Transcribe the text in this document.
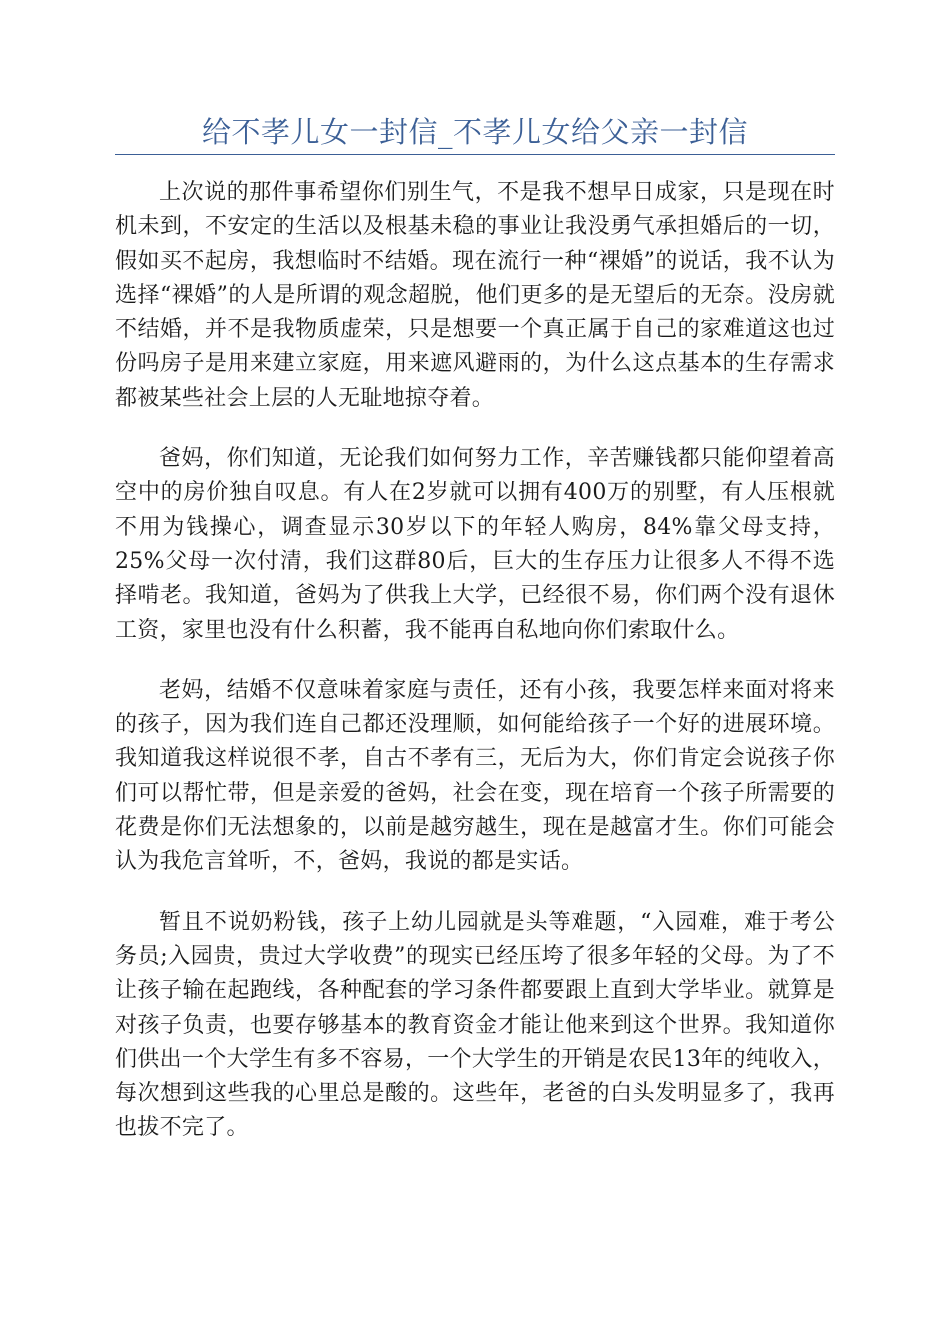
给不孝儿女一封信_不孝儿女给父亲一封信

上次说的那件事希望你们别生气，不是我不想早日成家，只是现在时机未到，不安定的生活以及根基未稳的事业让我没勇气承担婚后的一切，假如买不起房，我想临时不结婚。现在流行一种“裸婚”的说话，我不认为选择“裸婚”的人是所谓的观念超脱，他们更多的是无望后的无奈。没房就不结婚，并不是我物质虚荣，只是想要一个真正属于自己的家难道这也过份吗房子是用来建立家庭，用来遮风避雨的，为什么这点基本的生存需求都被某些社会上层的人无耻地掠夺着。

爸妈，你们知道，无论我们如何努力工作，辛苦赚钱都只能仰望着高空中的房价独自叹息。有人在2岁就可以拥有400万的别墅，有人压根就不用为钱操心，调查显示30岁以下的年轻人购房，84%靠父母支持，25%父母一次付清，我们这群80后，巨大的生存压力让很多人不得不选择啃老。我知道，爸妈为了供我上大学，已经很不易，你们两个没有退休工资，家里也没有什么积蓄，我不能再自私地向你们索取什么。

老妈，结婚不仅意味着家庭与责任，还有小孩，我要怎样来面对将来的孩子，因为我们连自己都还没理顺，如何能给孩子一个好的进展环境。我知道我这样说很不孝，自古不孝有三，无后为大，你们肯定会说孩子你们可以帮忙带，但是亲爱的爸妈，社会在变，现在培育一个孩子所需要的花费是你们无法想象的，以前是越穷越生，现在是越富才生。你们可能会认为我危言耸听，不，爸妈，我说的都是实话。

暂且不说奶粉钱，孩子上幼儿园就是头等难题，“入园难，难于考公务员;入园贵，贵过大学收费”的现实已经压垮了很多年轻的父母。为了不让孩子输在起跑线，各种配套的学习条件都要跟上直到大学毕业。就算是对孩子负责，也要存够基本的教育资金才能让他来到这个世界。我知道你们供出一个大学生有多不容易，一个大学生的开销是农民13年的纯收入，每次想到这些我的心里总是酸的。这些年，老爸的白头发明显多了，我再也拔不完了。
